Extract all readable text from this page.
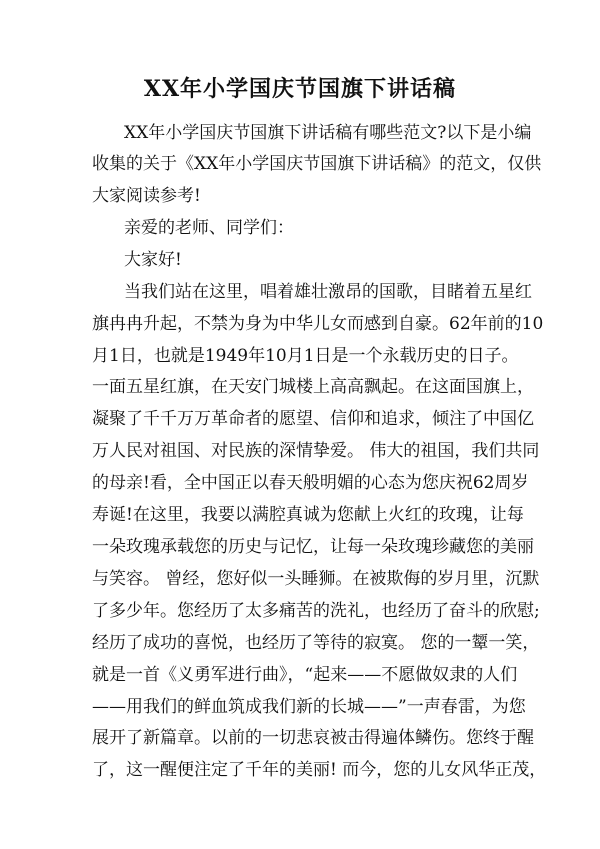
XX年小学国庆节国旗下讲话稿
XX年小学国庆节国旗下讲话稿有哪些范文?以下是小编
收集的关于《XX年小学国庆节国旗下讲话稿》的范文，仅供
大家阅读参考!
亲爱的老师、同学们：
大家好!
当我们站在这里，唱着雄壮激昂的国歌，目睹着五星红
旗冉冉升起，不禁为身为中华儿女而感到自豪。62年前的10
月1日，也就是1949年10月1日是一个永载历史的日子。
一面五星红旗，在天安门城楼上高高飘起。在这面国旗上，
凝聚了千千万万革命者的愿望、信仰和追求，倾注了中国亿
万人民对祖国、对民族的深情挚爱。 伟大的祖国，我们共同
的母亲!看，全中国正以春天般明媚的心态为您庆祝62周岁
寿诞!在这里，我要以满腔真诚为您献上火红的玫瑰，让每
一朵玫瑰承载您的历史与记忆，让每一朵玫瑰珍藏您的美丽
与笑容。 曾经，您好似一头睡狮。在被欺侮的岁月里，沉默
了多少年。您经历了太多痛苦的洗礼，也经历了奋斗的欣慰;
经历了成功的喜悦，也经历了等待的寂寞。 您的一颦一笑，
就是一首《义勇军进行曲》，“起来——不愿做奴隶的人们
——用我们的鲜血筑成我们新的长城——”一声春雷，为您
展开了新篇章。以前的一切悲哀被击得遍体鳞伤。您终于醒
了，这一醒便注定了千年的美丽! 而今，您的儿女风华正茂，
